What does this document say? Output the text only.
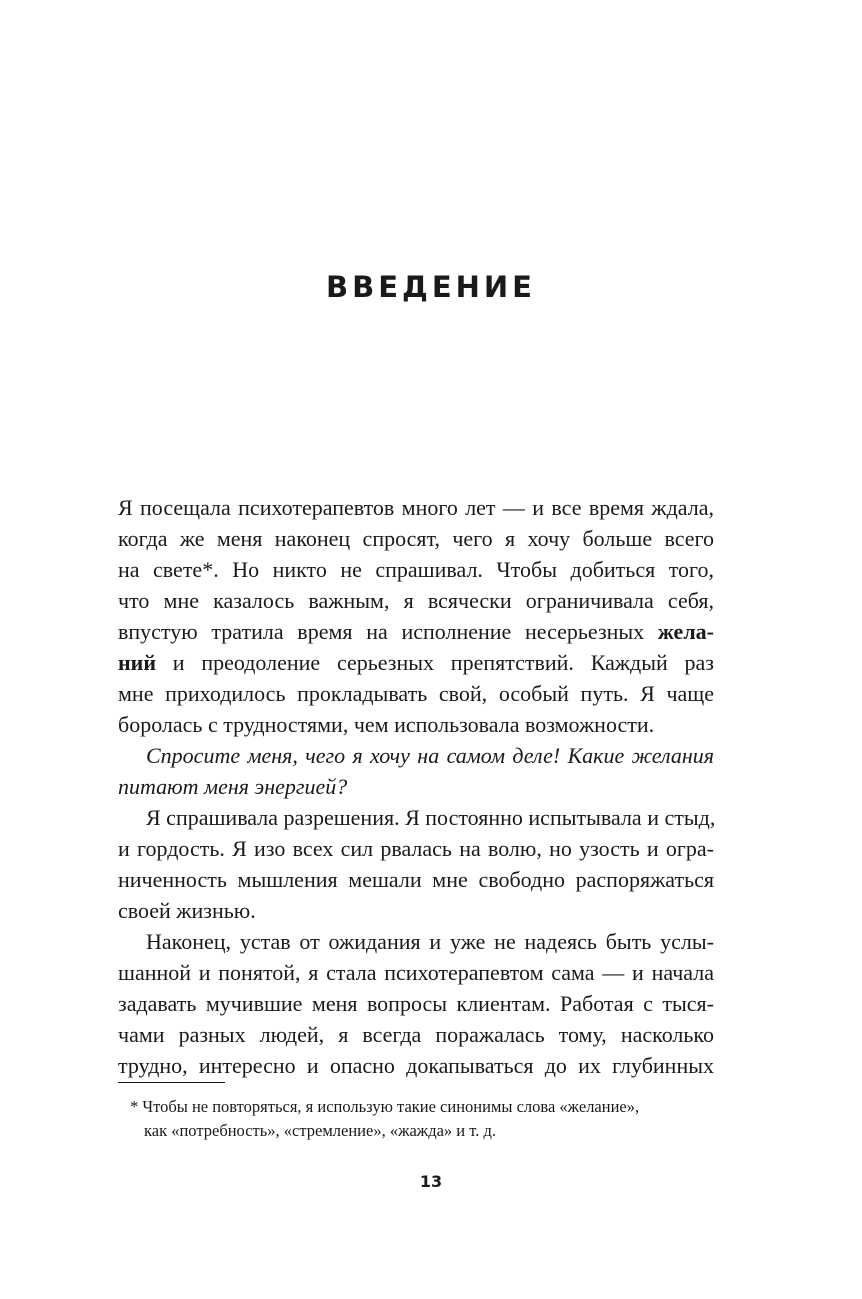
ВВЕДЕНИЕ
Я посещала психотерапевтов много лет — и все время ждала,
когда же меня наконец спросят, чего я хочу больше всего
на свете*. Но никто не спрашивал. Чтобы добиться того,
что мне казалось важным, я всячески ограничивала себя,
впустую тратила время на исполнение несерьезных жела-
ний и преодоление серьезных препятствий. Каждый раз
мне приходилось прокладывать свой, особый путь. Я чаще
боролась с трудностями, чем использовала возможности.
Спросите меня, чего я хочу на самом деле! Какие желания
питают меня энергией?
Я спрашивала разрешения. Я постоянно испытывала и стыд,
и гордость. Я изо всех сил рвалась на волю, но узость и огра-
ниченность мышления мешали мне свободно распоряжаться
своей жизнью.
Наконец, устав от ожидания и уже не надеясь быть услы-
шанной и понятой, я стала психотерапевтом сама — и начала
задавать мучившие меня вопросы клиентам. Работая с тыся-
чами разных людей, я всегда поражалась тому, насколько
трудно, интересно и опасно докапываться до их глубинных
* Чтобы не повторяться, я использую такие синонимы слова «желание»,
как «потребность», «стремление», «жажда» и т. д.
13
